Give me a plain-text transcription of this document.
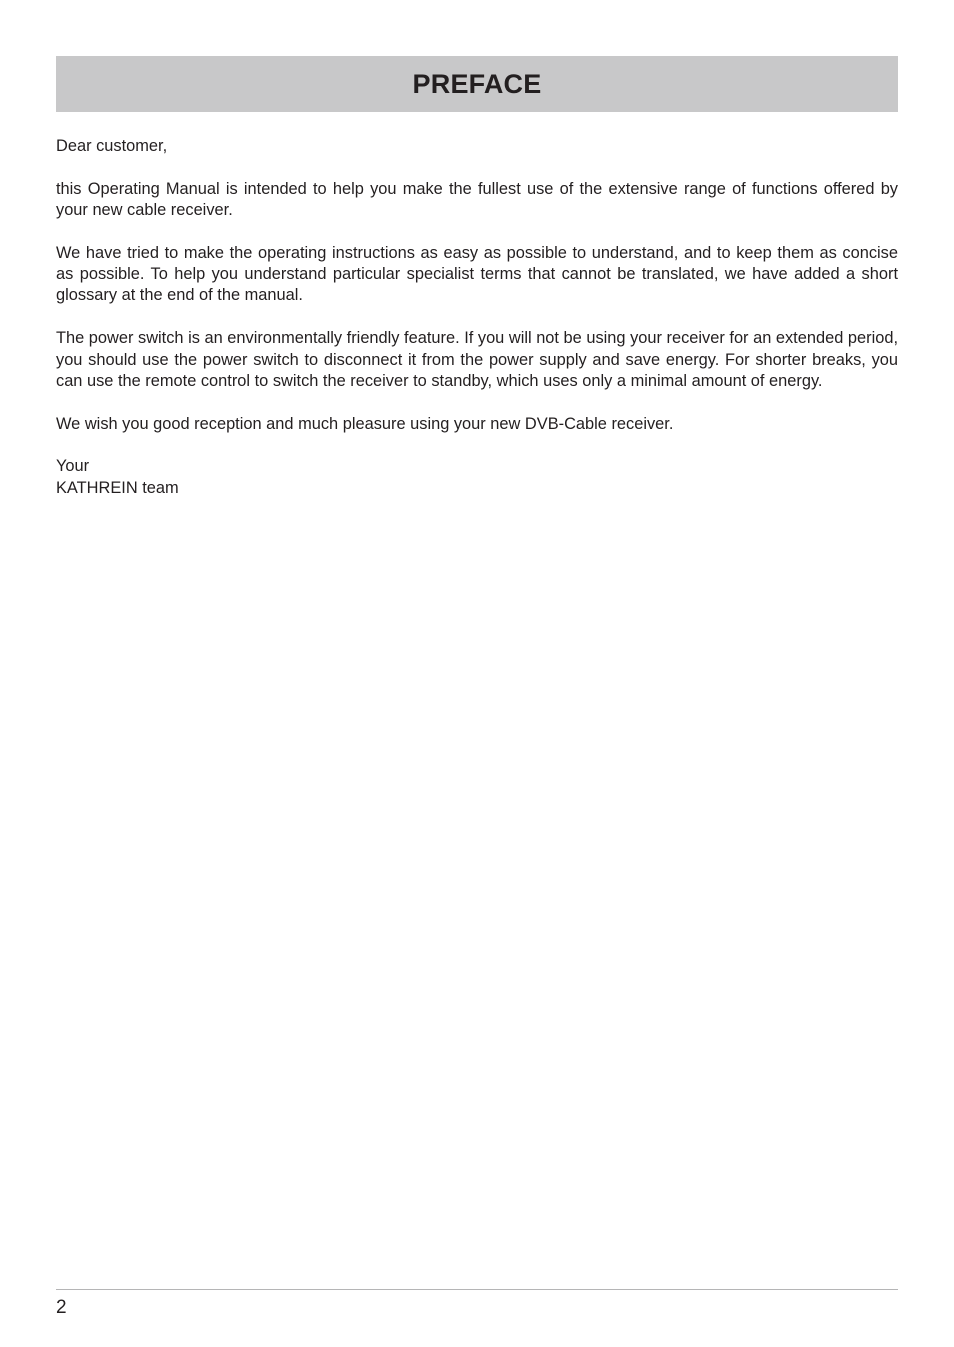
PREFACE

Dear customer,

this Operating Manual is intended to help you make the fullest use of the extensive range of functions offered by your new cable receiver.

We have tried to make the operating instructions as easy as possible to understand, and to keep them as concise as possible. To help you understand particular specialist terms that cannot be translated, we have added a short glossary at the end of the manual.

The power switch is an environmentally friendly feature. If you will not be using your receiver for an extended period, you should use the power switch to disconnect it from the power supply and save energy. For shorter breaks, you can use the remote control to switch the receiver to standby, which uses only a minimal amount of energy.

We wish you good reception and much pleasure using your new DVB-Cable receiver.

Your

KATHREIN team

2
